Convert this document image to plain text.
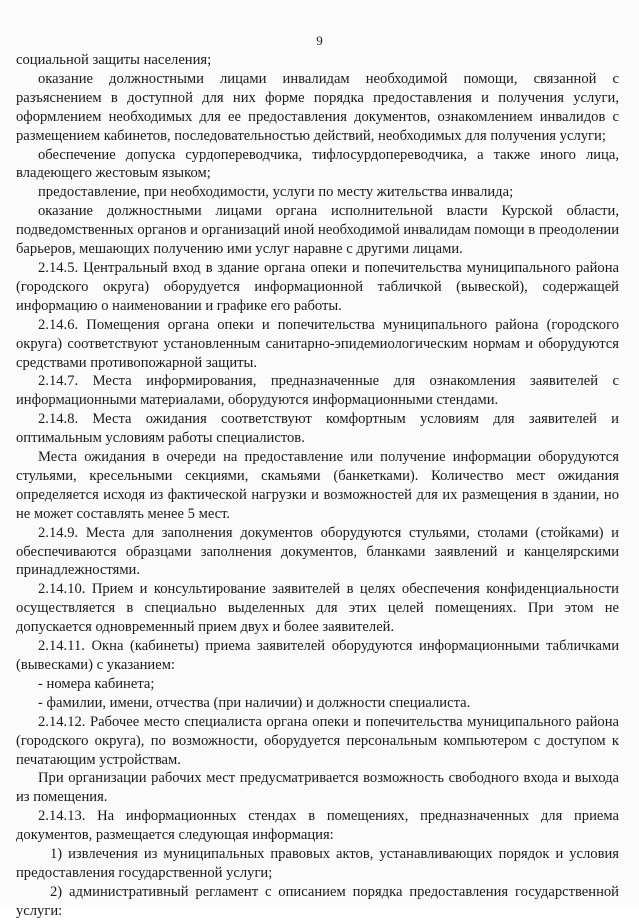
9

социальной защиты населения;

оказание должностными лицами инвалидам необходимой помощи, связанной с разъяснением в доступной для них форме порядка предоставления и получения услуги, оформлением необходимых для ее предоставления документов, ознакомлением инвалидов с размещением кабинетов, последовательностью действий, необходимых для получения услуги;

обеспечение допуска сурдопереводчика, тифлосурдопереводчика, а также иного лица, владеющего жестовым языком;

предоставление, при необходимости, услуги по месту жительства инвалида;

оказание должностными лицами органа исполнительной власти Курской области, подведомственных органов и организаций иной необходимой инвалидам помощи в преодолении барьеров, мешающих получению ими услуг наравне с другими лицами.

2.14.5. Центральный вход в здание органа опеки и попечительства муниципального района (городского округа) оборудуется информационной табличкой (вывеской), содержащей информацию о наименовании и графике его работы.

2.14.6. Помещения органа опеки и попечительства муниципального района (городского округа) соответствуют установленным санитарно-эпидемиологическим нормам и оборудуются средствами противопожарной защиты.

2.14.7. Места информирования, предназначенные для ознакомления заявителей с информационными материалами, оборудуются информационными стендами.

2.14.8. Места ожидания соответствуют комфортным условиям для заявителей и оптимальным условиям работы специалистов.

Места ожидания в очереди на предоставление или получение информации оборудуются стульями, кресельными секциями, скамьями (банкетками). Количество мест ожидания определяется исходя из фактической нагрузки и возможностей для их размещения в здании, но не может составлять менее 5 мест.

2.14.9. Места для заполнения документов оборудуются стульями, столами (стойками) и обеспечиваются образцами заполнения документов, бланками заявлений и канцелярскими принадлежностями.

2.14.10. Прием и консультирование заявителей в целях обеспечения конфиденциальности осуществляется в специально выделенных для этих целей помещениях. При этом не допускается одновременный прием двух и более заявителей.

2.14.11. Окна (кабинеты) приема заявителей оборудуются информационными табличками (вывесками) с указанием:

- номера кабинета;

- фамилии, имени, отчества (при наличии) и должности специалиста.

2.14.12. Рабочее место специалиста органа опеки и попечительства муниципального района (городского округа), по возможности, оборудуется персональным компьютером с доступом к печатающим устройствам.

При организации рабочих мест предусматривается возможность свободного входа и выхода из помещения.

2.14.13. На информационных стендах в помещениях, предназначенных для приема документов, размещается следующая информация:

1) извлечения из муниципальных правовых актов, устанавливающих порядок и условия предоставления государственной услуги;

2) административный регламент с описанием порядка предоставления государственной услуги:
